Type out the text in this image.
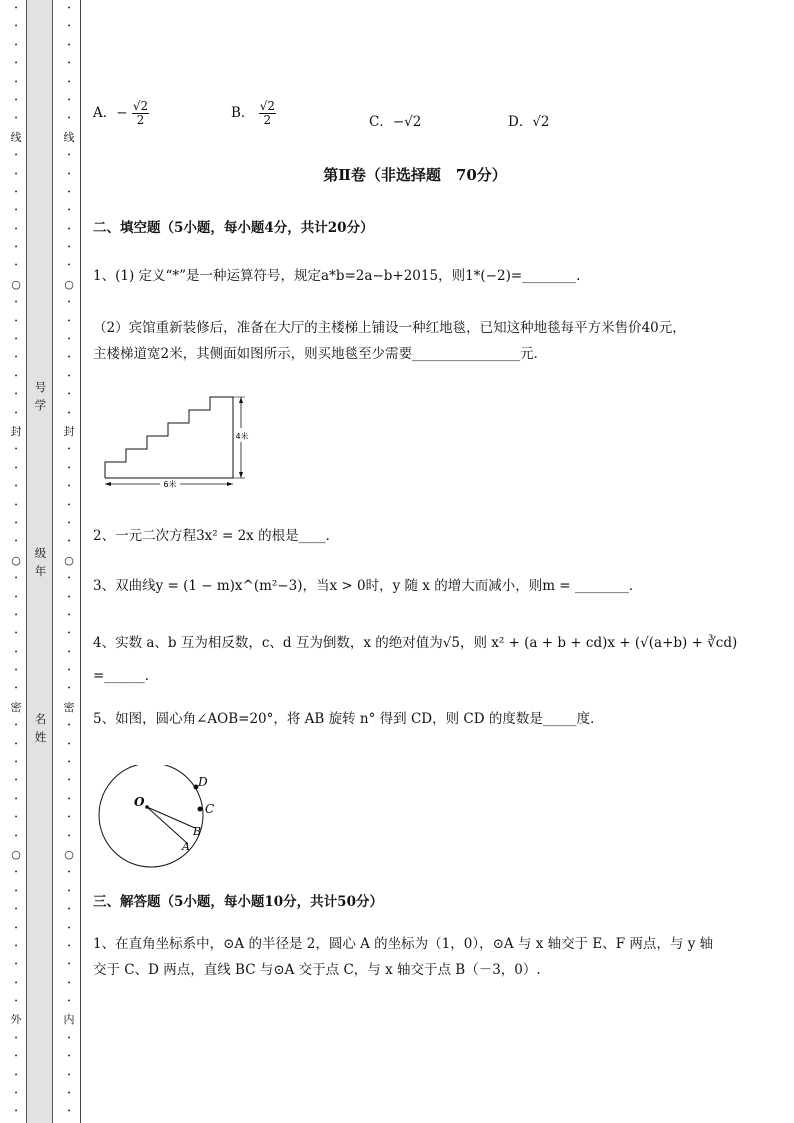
•
•
•
•
•
•
•
线
•
•
•
•
•
•
•
○
•
•
•
•
•
•
•
封
•
•
•
•
•
•
○
•
•
•
•
•
•
•
密
•
•
•
•
•
•
•
○
•
•
•
•
•
•
•
•
外
•
•
•
•
•
号学
级年
名姓
•
•
•
•
•
•
•
线
•
•
•
•
•
•
•
○
•
•
•
•
•
•
•
封
•
•
•
•
•
•
○
•
•
•
•
•
•
•
密
•
•
•
•
•
•
•
○
•
•
•
•
•
•
•
•
内
•
•
•
•
•
A．− $\frac{√2}{2}$	B． $\frac{√2}{2}$	C．−√2	D．√2
第Ⅱ卷（非选择题　70分）
二、填空题（5小题，每小题4分，共计20分）
1、(1) 定义“*”是一种运算符号，规定a*b=2a−b+2015，则1*(−2)=________.
（2）宾馆重新装修后，准备在大厅的主楼梯上铺设一种红地毯，已知这种地毯每平方米售价40元，
主楼梯道宽2米，其侧面如图所示，则买地毯至少需要________________元．
4米
6米
2、一元二次方程3x² = 2x 的根是____．
3、双曲线y = (1 − m)x^(m²−3)，当x > 0时，y 随 x 的增大而减小，则m = ________．
4、实数 a、b 互为相反数，c、d 互为倒数，x 的绝对值为√5，则 x² + (a + b + cd)x + (√(a+b) + ∛cd)
=______．
5、如图，圆心角∠AOB=20°，将 AB 旋转 n° 得到 CD，则 CD 的度数是_____度．
O
D
C
B
A
三、解答题（5小题，每小题10分，共计50分）
1、在直角坐标系中，⊙A 的半径是 2，圆心 A 的坐标为（1，0），⊙A 与 x 轴交于 E、F 两点，与 y 轴
交于 C、D 两点，直线 BC 与⊙A 交于点 C，与 x 轴交于点 B（－3，0）.
